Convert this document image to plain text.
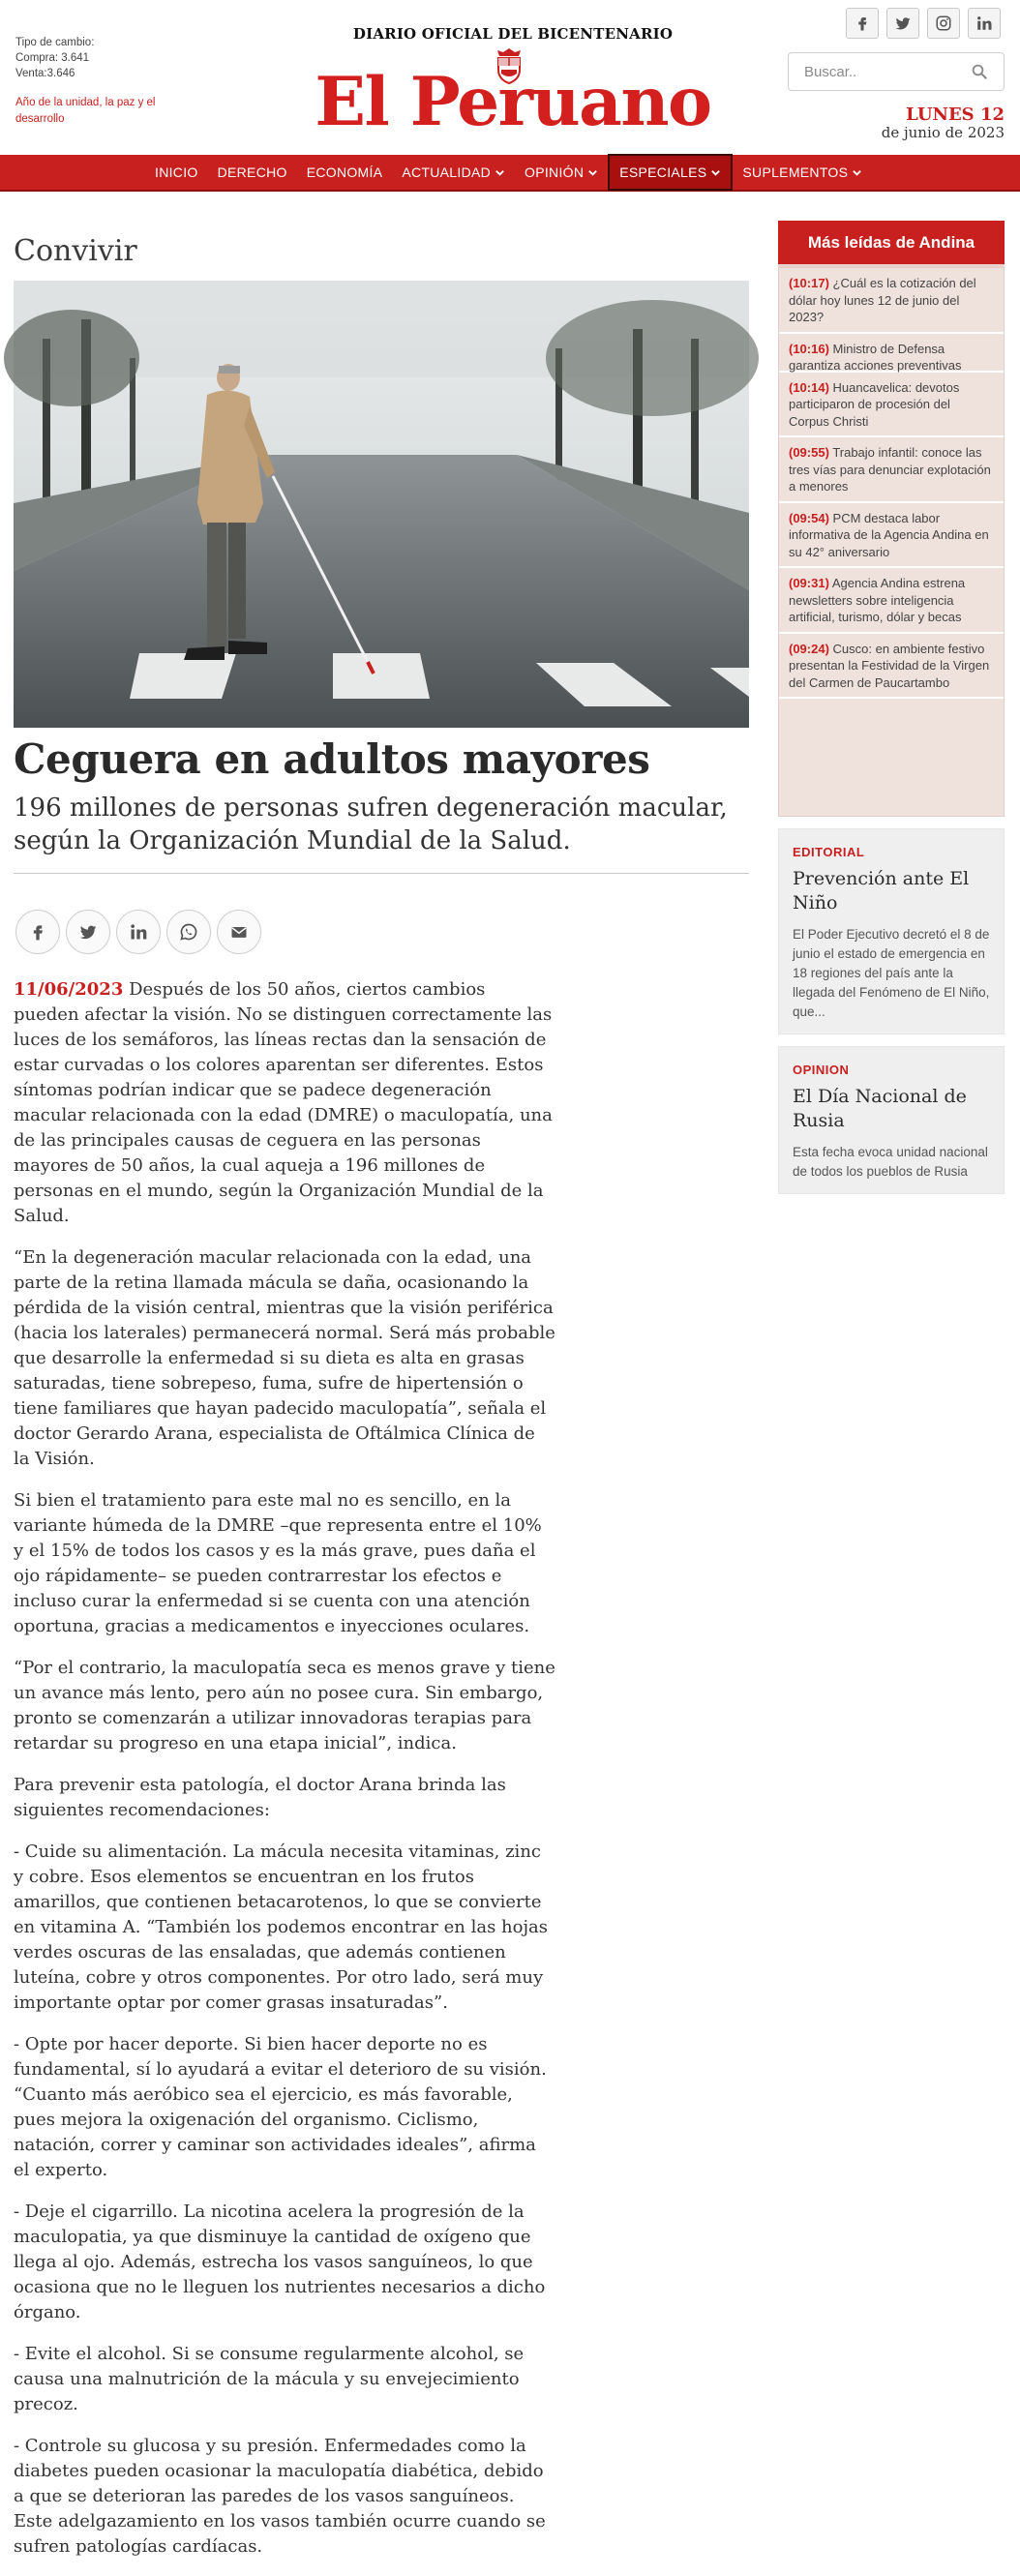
Tipo de cambio:
Compra: 3.641
Venta:3.646
Año de la unidad, la paz y el desarrollo
DIARIO OFICIAL DEL BICENTENARIO
El Peruano
Buscar..	LUNES 12
de junio de 2023
INICIO DERECHO ECONOMÍA ACTUALIDAD	OPINIÓN	ESPECIALES	SUPLEMENTOS
Convivir
Ceguera en adultos mayores
196 millones de personas sufren degeneración macular, según la Organización Mundial de la Salud.

11/06/2023 Después de los 50 años, ciertos cambios pueden afectar la visión. No se distinguen correctamente las luces de los semáforos, las líneas rectas dan la sensación de estar curvadas o los colores aparentan ser diferentes. Estos síntomas podrían indicar que se padece degeneración macular relacionada con la edad (DMRE) o maculopatía, una de las principales causas de ceguera en las personas mayores de 50 años, la cual aqueja a 196 millones de personas en el mundo, según la Organización Mundial de la Salud.

“En la degeneración macular relacionada con la edad, una parte de la retina llamada mácula se daña, ocasionando la pérdida de la visión central, mientras que la visión periférica (hacia los laterales) permanecerá normal. Será más probable que desarrolle la enfermedad si su dieta es alta en grasas saturadas, tiene sobrepeso, fuma, sufre de hipertensión o tiene familiares que hayan padecido maculopatía”, señala el doctor Gerardo Arana, especialista de Oftálmica Clínica de la Visión.

Si bien el tratamiento para este mal no es sencillo, en la variante húmeda de la DMRE –que representa entre el 10% y el 15% de todos los casos y es la más grave, pues daña el ojo rápidamente– se pueden contrarrestar los efectos e incluso curar la enfermedad si se cuenta con una atención oportuna, gracias a medicamentos e inyecciones oculares.

“Por el contrario, la maculopatía seca es menos grave y tiene un avance más lento, pero aún no posee cura. Sin embargo, pronto se comenzarán a utilizar innovadoras terapias para retardar su progreso en una etapa inicial”, indica.

Para prevenir esta patología, el doctor Arana brinda las siguientes recomendaciones:

- Cuide su alimentación. La mácula necesita vitaminas, zinc y cobre. Esos elementos se encuentran en los frutos amarillos, que contienen betacarotenos, lo que se convierte en vitamina A. “También los podemos encontrar en las hojas verdes oscuras de las ensaladas, que además contienen luteína, cobre y otros componentes. Por otro lado, será muy importante optar por comer grasas insaturadas”.

- Opte por hacer deporte. Si bien hacer deporte no es fundamental, sí lo ayudará a evitar el deterioro de su visión. “Cuanto más aeróbico sea el ejercicio, es más favorable, pues mejora la oxigenación del organismo. Ciclismo, natación, correr y caminar son actividades ideales”, afirma el experto.

- Deje el cigarrillo. La nicotina acelera la progresión de la maculopatia, ya que disminuye la cantidad de oxígeno que llega al ojo. Además, estrecha los vasos sanguíneos, lo que ocasiona que no le lleguen los nutrientes necesarios a dicho órgano.

- Evite el alcohol. Si se consume regularmente alcohol, se causa una malnutrición de la mácula y su envejecimiento precoz.

- Controle su glucosa y su presión. Enfermedades como la diabetes pueden ocasionar la maculopatía diabética, debido a que se deterioran las paredes de los vasos sanguíneos. Este adelgazamiento en los vasos también ocurre cuando se sufren patologías cardíacas.

Más leídas de Andina
(10:17) ¿Cuál es la cotización del dólar hoy lunes 12 de junio del 2023?
(10:16) Ministro de Defensa garantiza acciones preventivas
(10:14) Huancavelica: devotos participaron de procesión del Corpus Christi
(09:55) Trabajo infantil: conoce las tres vías para denunciar explotación a menores
(09:54) PCM destaca labor informativa de la Agencia Andina en su 42° aniversario
(09:31) Agencia Andina estrena newsletters sobre inteligencia artificial, turismo, dólar y becas
(09:24) Cusco: en ambiente festivo presentan la Festividad de la Virgen del Carmen de Paucartambo
EDITORIAL
Prevención ante El Niño
El Poder Ejecutivo decretó el 8 de junio el estado de emergencia en 18 regiones del país ante la llegada del Fenómeno de El Niño, que...
OPINION
El Día Nacional de Rusia
Esta fecha evoca unidad nacional de todos los pueblos de Rusia
